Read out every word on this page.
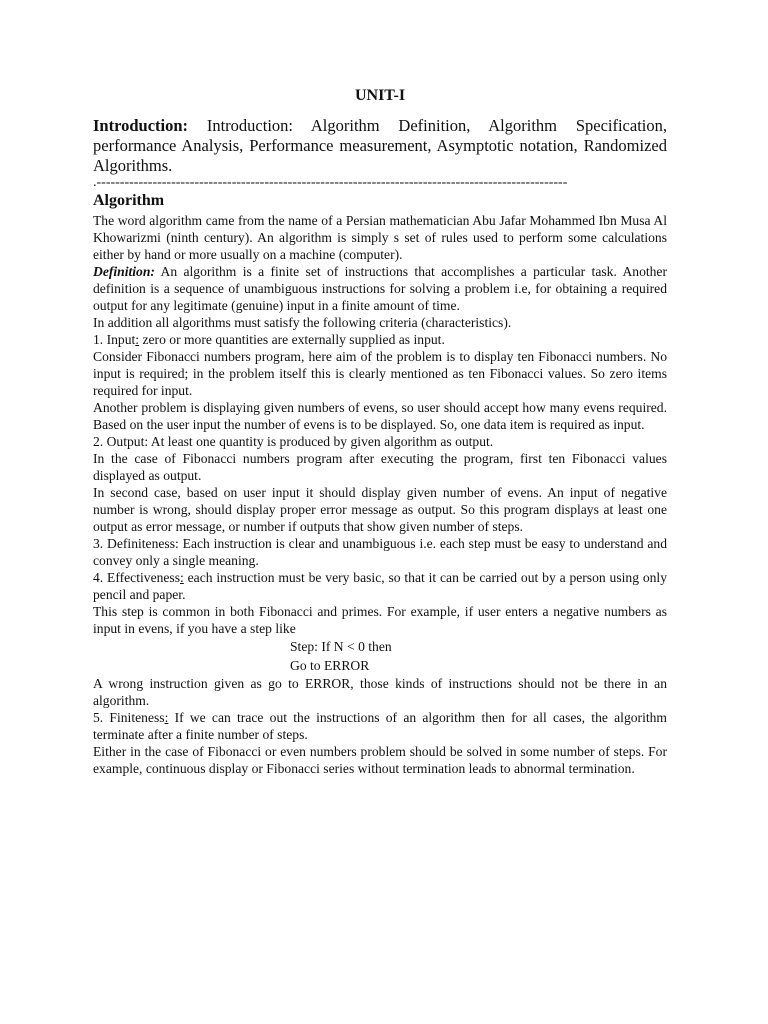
UNIT-I

Introduction: Introduction: Algorithm Definition, Algorithm Specification, performance Analysis, Performance measurement, Asymptotic notation, Randomized Algorithms.

.-----------------------------------------------------------------------------------------------------

Algorithm

The word algorithm came from the name of a Persian mathematician Abu Jafar Mohammed Ibn Musa Al Khowarizmi (ninth century). An algorithm is simply s set of rules used to perform some calculations either by hand or more usually on a machine (computer).

Definition: An algorithm is a finite set of instructions that accomplishes a particular task. Another definition is a sequence of unambiguous instructions for solving a problem i.e, for obtaining a required output for any legitimate (genuine) input in a finite amount of time.

In addition all algorithms must satisfy the following criteria (characteristics).

1. Input: zero or more quantities are externally supplied as input.

Consider Fibonacci numbers program, here aim of the problem is to display ten Fibonacci numbers. No input is required; in the problem itself this is clearly mentioned as ten Fibonacci values. So zero items required for input.

Another problem is displaying given numbers of evens, so user should accept how many evens required. Based on the user input the number of evens is to be displayed. So, one data item is required as input.

2. Output: At least one quantity is produced by given algorithm as output.

In the case of Fibonacci numbers program after executing the program, first ten Fibonacci values displayed as output.

In second case, based on user input it should display given number of evens. An input of negative number is wrong, should display proper error message as output. So this program displays at least one output as error message, or number if outputs that show given number of steps.

3. Definiteness: Each instruction is clear and unambiguous i.e. each step must be easy to understand and convey only a single meaning.

4. Effectiveness: each instruction must be very basic, so that it can be carried out by a person using only pencil and paper.

This step is common in both Fibonacci and primes. For example, if user enters a negative numbers as input in evens, if you have a step like

Step: If N < 0 then

Go to ERROR

A wrong instruction given as go to ERROR, those kinds of instructions should not be there in an algorithm.

5. Finiteness: If we can trace out the instructions of an algorithm then for all cases, the algorithm terminate after a finite number of steps.

Either in the case of Fibonacci or even numbers problem should be solved in some number of steps. For example, continuous display or Fibonacci series without termination leads to abnormal termination.
